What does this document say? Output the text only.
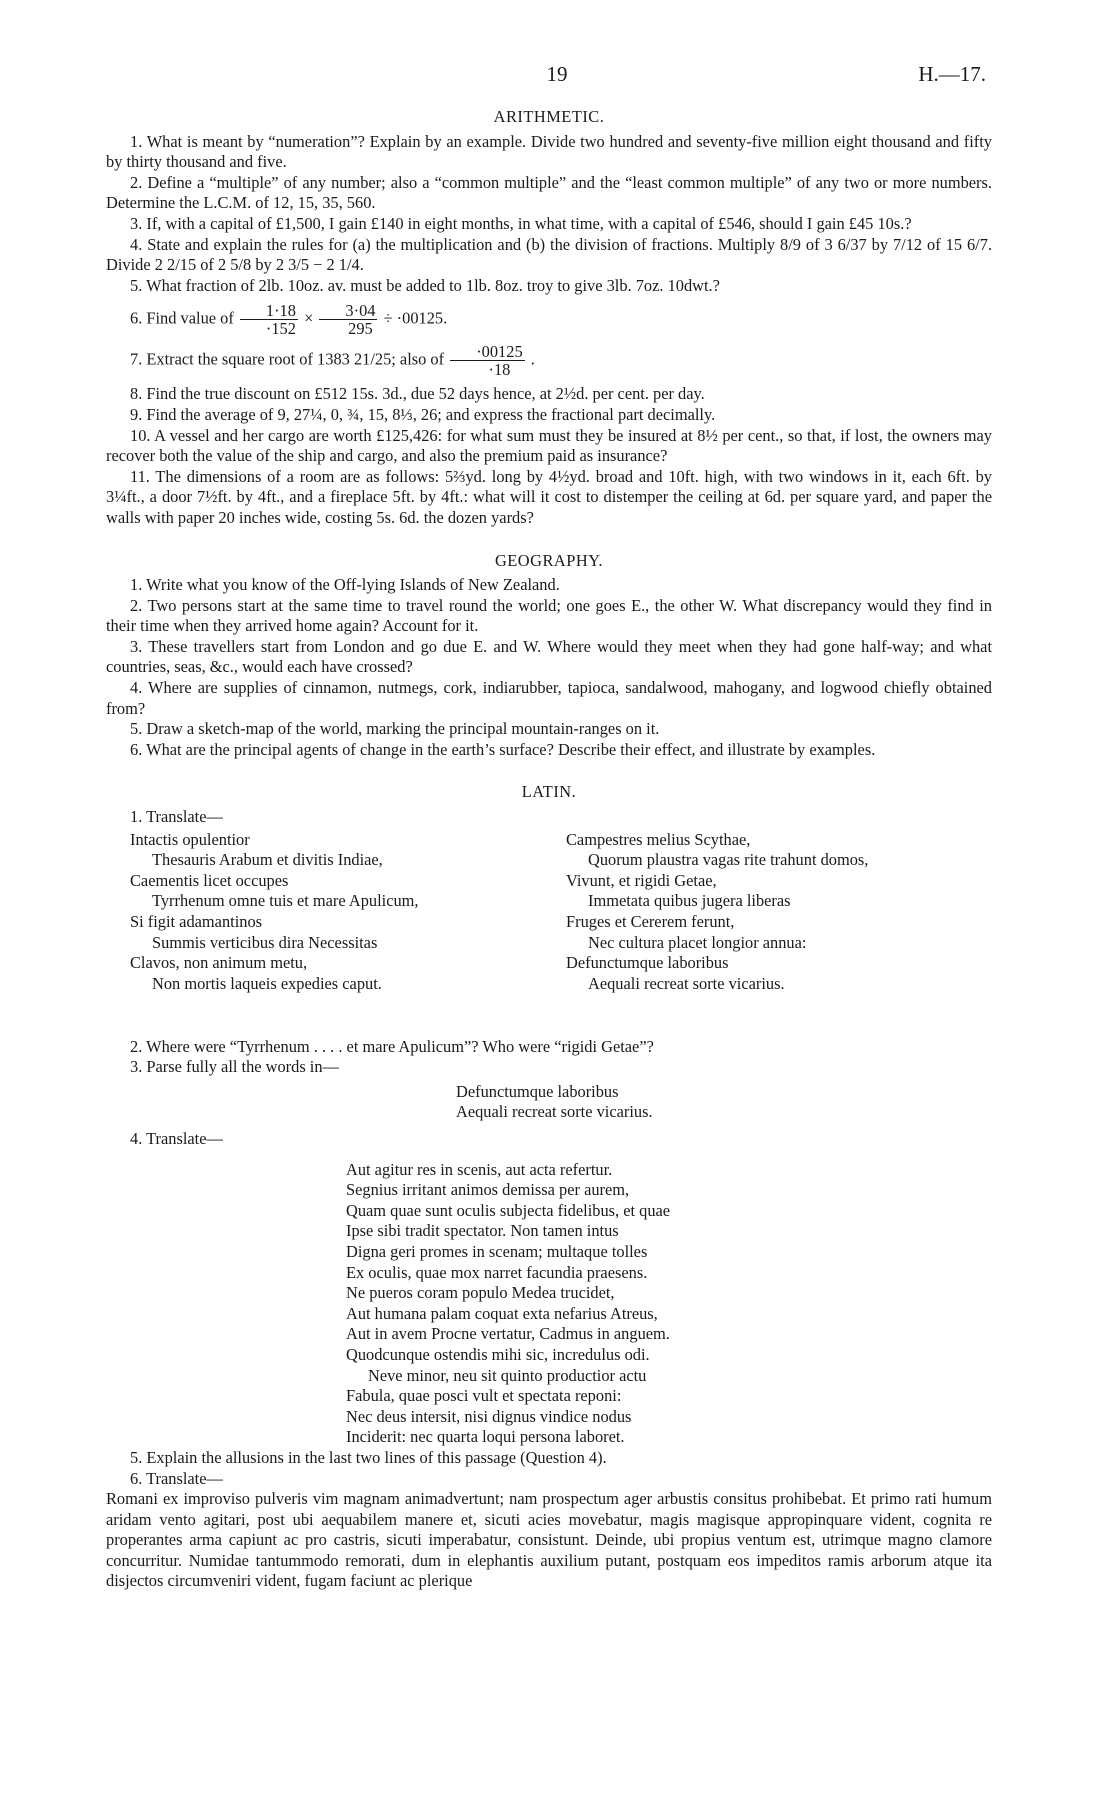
19	H.—17.
ARITHMETIC.

1. What is meant by “numeration”? Explain by an example. Divide two hundred and seventy-five million eight thousand and fifty by thirty thousand and five.

2. Define a “multiple” of any number; also a “common multiple” and the “least common multiple” of any two or more numbers. Determine the L.C.M. of 12, 15, 35, 560.

3. If, with a capital of £1,500, I gain £140 in eight months, in what time, with a capital of £546, should I gain £45 10s.?

4. State and explain the rules for (a) the multiplication and (b) the division of fractions. Multiply 8/9 of 3 6/37 by 7/12 of 15 6/7. Divide 2 2/15 of 2 5/8 by 2 3/5 − 2 1/4.

5. What fraction of 2lb. 10oz. av. must be added to 1lb. 8oz. troy to give 3lb. 7oz. 10dwt.?

6. Find value of $\frac{1\cdot 18}{\cdot 152} \times \frac{3\cdot 04}{295} \div \cdot 00125$.

7. Extract the square root of 1383 21/25; also of $\frac{\cdot 00125}{\cdot 18}$ .

8. Find the true discount on £512 15s. 3d., due 52 days hence, at 2½d. per cent. per day.

9. Find the average of 9, 27¼, 0, ¾, 15, 8⅓, 26; and express the fractional part decimally.

10. A vessel and her cargo are worth £125,426: for what sum must they be insured at 8½ per cent., so that, if lost, the owners may recover both the value of the ship and cargo, and also the premium paid as insurance?

11. The dimensions of a room are as follows: 5⅔yd. long by 4½yd. broad and 10ft. high, with two windows in it, each 6ft. by 3¼ft., a door 7½ft. by 4ft., and a fireplace 5ft. by 4ft.: what will it cost to distemper the ceiling at 6d. per square yard, and paper the walls with paper 20 inches wide, costing 5s. 6d. the dozen yards?

GEOGRAPHY.

1. Write what you know of the Off-lying Islands of New Zealand.

2. Two persons start at the same time to travel round the world; one goes E., the other W. What discrepancy would they find in their time when they arrived home again? Account for it.

3. These travellers start from London and go due E. and W. Where would they meet when they had gone half-way; and what countries, seas, &c., would each have crossed?

4. Where are supplies of cinnamon, nutmegs, cork, indiarubber, tapioca, sandalwood, mahogany, and logwood chiefly obtained from?

5. Draw a sketch-map of the world, marking the principal mountain-ranges on it.

6. What are the principal agents of change in the earth’s surface? Describe their effect, and illustrate by examples.

LATIN.

1. Translate—

Intactis opulentior
Thesauris Arabum et divitis Indiae,
Caementis licet occupes
Tyrrhenum omne tuis et mare Apulicum,
Si figit adamantinos
Summis verticibus dira Necessitas
Clavos, non animum metu,
Non mortis laqueis expedies caput.
Campestres melius Scythae,
Quorum plaustra vagas rite trahunt domos,
Vivunt, et rigidi Getae,
Immetata quibus jugera liberas
Fruges et Cererem ferunt,
Nec cultura placet longior annua:
Defunctumque laboribus
Aequali recreat sorte vicarius.

2. Where were “Tyrrhenum . . . . et mare Apulicum”? Who were “rigidi Getae”?

3. Parse fully all the words in—

Defunctumque laboribus
Aequali recreat sorte vicarius.

4. Translate—

Aut agitur res in scenis, aut acta refertur.
Segnius irritant animos demissa per aurem,
Quam quae sunt oculis subjecta fidelibus, et quae
Ipse sibi tradit spectator. Non tamen intus
Digna geri promes in scenam; multaque tolles
Ex oculis, quae mox narret facundia praesens.
Ne pueros coram populo Medea trucidet,
Aut humana palam coquat exta nefarius Atreus,
Aut in avem Procne vertatur, Cadmus in anguem.
Quodcunque ostendis mihi sic, incredulus odi.
Neve minor, neu sit quinto productior actu
Fabula, quae posci vult et spectata reponi:
Nec deus intersit, nisi dignus vindice nodus
Inciderit: nec quarta loqui persona laboret.

5. Explain the allusions in the last two lines of this passage (Question 4).

6. Translate—

Romani ex improviso pulveris vim magnam animadvertunt; nam prospectum ager arbustis consitus prohibebat. Et primo rati humum aridam vento agitari, post ubi aequabilem manere et, sicuti acies movebatur, magis magisque appropinquare vident, cognita re properantes arma capiunt ac pro castris, sicuti imperabatur, consistunt. Deinde, ubi propius ventum est, utrimque magno clamore concurritur. Numidae tantummodo remorati, dum in elephantis auxilium putant, postquam eos impeditos ramis arborum atque ita disjectos circumveniri vident, fugam faciunt ac plerique
